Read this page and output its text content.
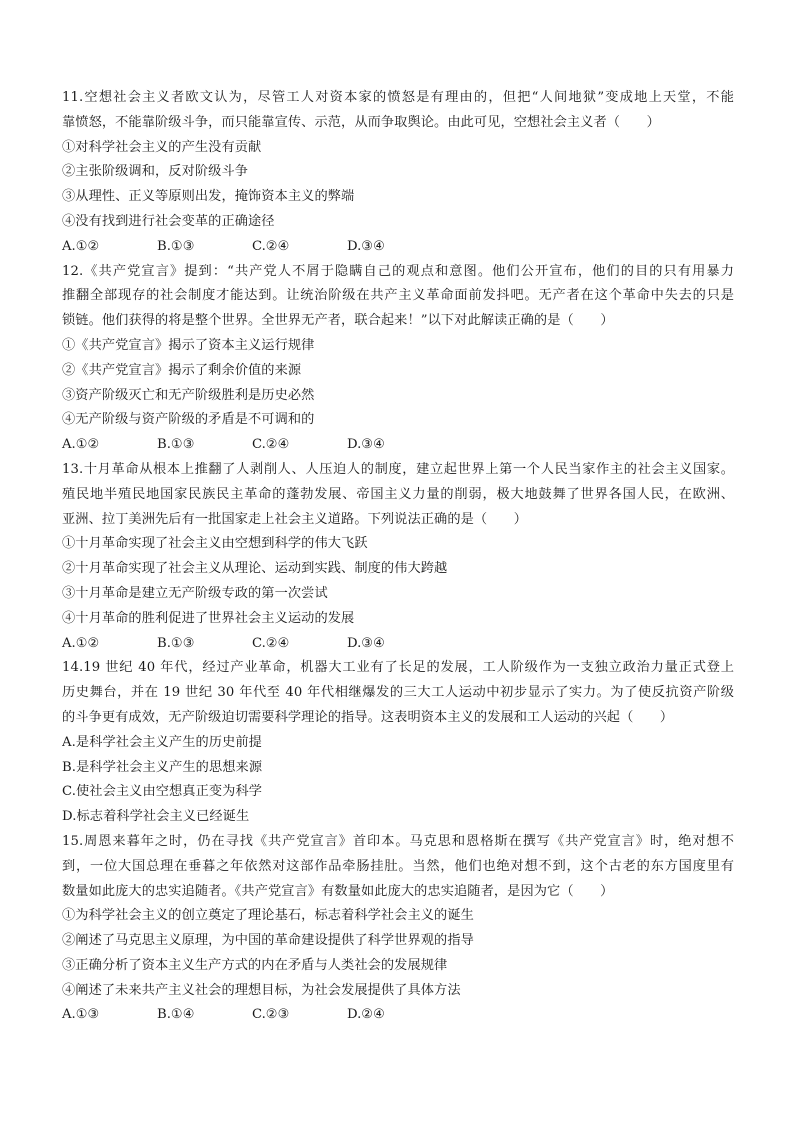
11.空想社会主义者欧文认为，尽管工人对资本家的愤怒是有理由的，但把“人间地狱”变成地上天堂，不能
靠愤怒，不能靠阶级斗争，而只能靠宣传、示范，从而争取舆论。由此可见，空想社会主义者（　　）
①对科学社会主义的产生没有贡献
②主张阶级调和，反对阶级斗争
③从理性、正义等原则出发，掩饰资本主义的弊端
④没有找到进行社会变革的正确途径
A.①②	B.①③	C.②④	D.③④
12.《共产党宣言》提到：“共产党人不屑于隐瞒自己的观点和意图。他们公开宣布，他们的目的只有用暴力
推翻全部现存的社会制度才能达到。让统治阶级在共产主义革命面前发抖吧。无产者在这个革命中失去的只是
锁链。他们获得的将是整个世界。全世界无产者，联合起来！”以下对此解读正确的是（　　）
①《共产党宣言》揭示了资本主义运行规律
②《共产党宣言》揭示了剩余价值的来源
③资产阶级灭亡和无产阶级胜利是历史必然
④无产阶级与资产阶级的矛盾是不可调和的
A.①②	B.①③	C.②④	D.③④
13.十月革命从根本上推翻了人剥削人、人压迫人的制度，建立起世界上第一个人民当家作主的社会主义国家。
殖民地半殖民地国家民族民主革命的蓬勃发展、帝国主义力量的削弱，极大地鼓舞了世界各国人民，在欧洲、
亚洲、拉丁美洲先后有一批国家走上社会主义道路。下列说法正确的是（　　）
①十月革命实现了社会主义由空想到科学的伟大飞跃
②十月革命实现了社会主义从理论、运动到实践、制度的伟大跨越
③十月革命是建立无产阶级专政的第一次尝试
④十月革命的胜利促进了世界社会主义运动的发展
A.①②	B.①③	C.②④	D.③④
14.19 世纪 40 年代，经过产业革命，机器大工业有了长足的发展，工人阶级作为一支独立政治力量正式登上
历史舞台，并在 19 世纪 30 年代至 40 年代相继爆发的三大工人运动中初步显示了实力。为了使反抗资产阶级
的斗争更有成效，无产阶级迫切需要科学理论的指导。这表明资本主义的发展和工人运动的兴起（　　）
A.是科学社会主义产生的历史前提
B.是科学社会主义产生的思想来源
C.使社会主义由空想真正变为科学
D.标志着科学社会主义已经诞生
15.周恩来暮年之时，仍在寻找《共产党宣言》首印本。马克思和恩格斯在撰写《共产党宣言》时，绝对想不
到，一位大国总理在垂暮之年依然对这部作品牵肠挂肚。当然，他们也绝对想不到，这个古老的东方国度里有
数量如此庞大的忠实追随者。《共产党宣言》有数量如此庞大的忠实追随者，是因为它（　　）
①为科学社会主义的创立奠定了理论基石，标志着科学社会主义的诞生
②阐述了马克思主义原理，为中国的革命建设提供了科学世界观的指导
③正确分析了资本主义生产方式的内在矛盾与人类社会的发展规律
④阐述了未来共产主义社会的理想目标，为社会发展提供了具体方法
A.①③	B.①④	C.②③	D.②④
